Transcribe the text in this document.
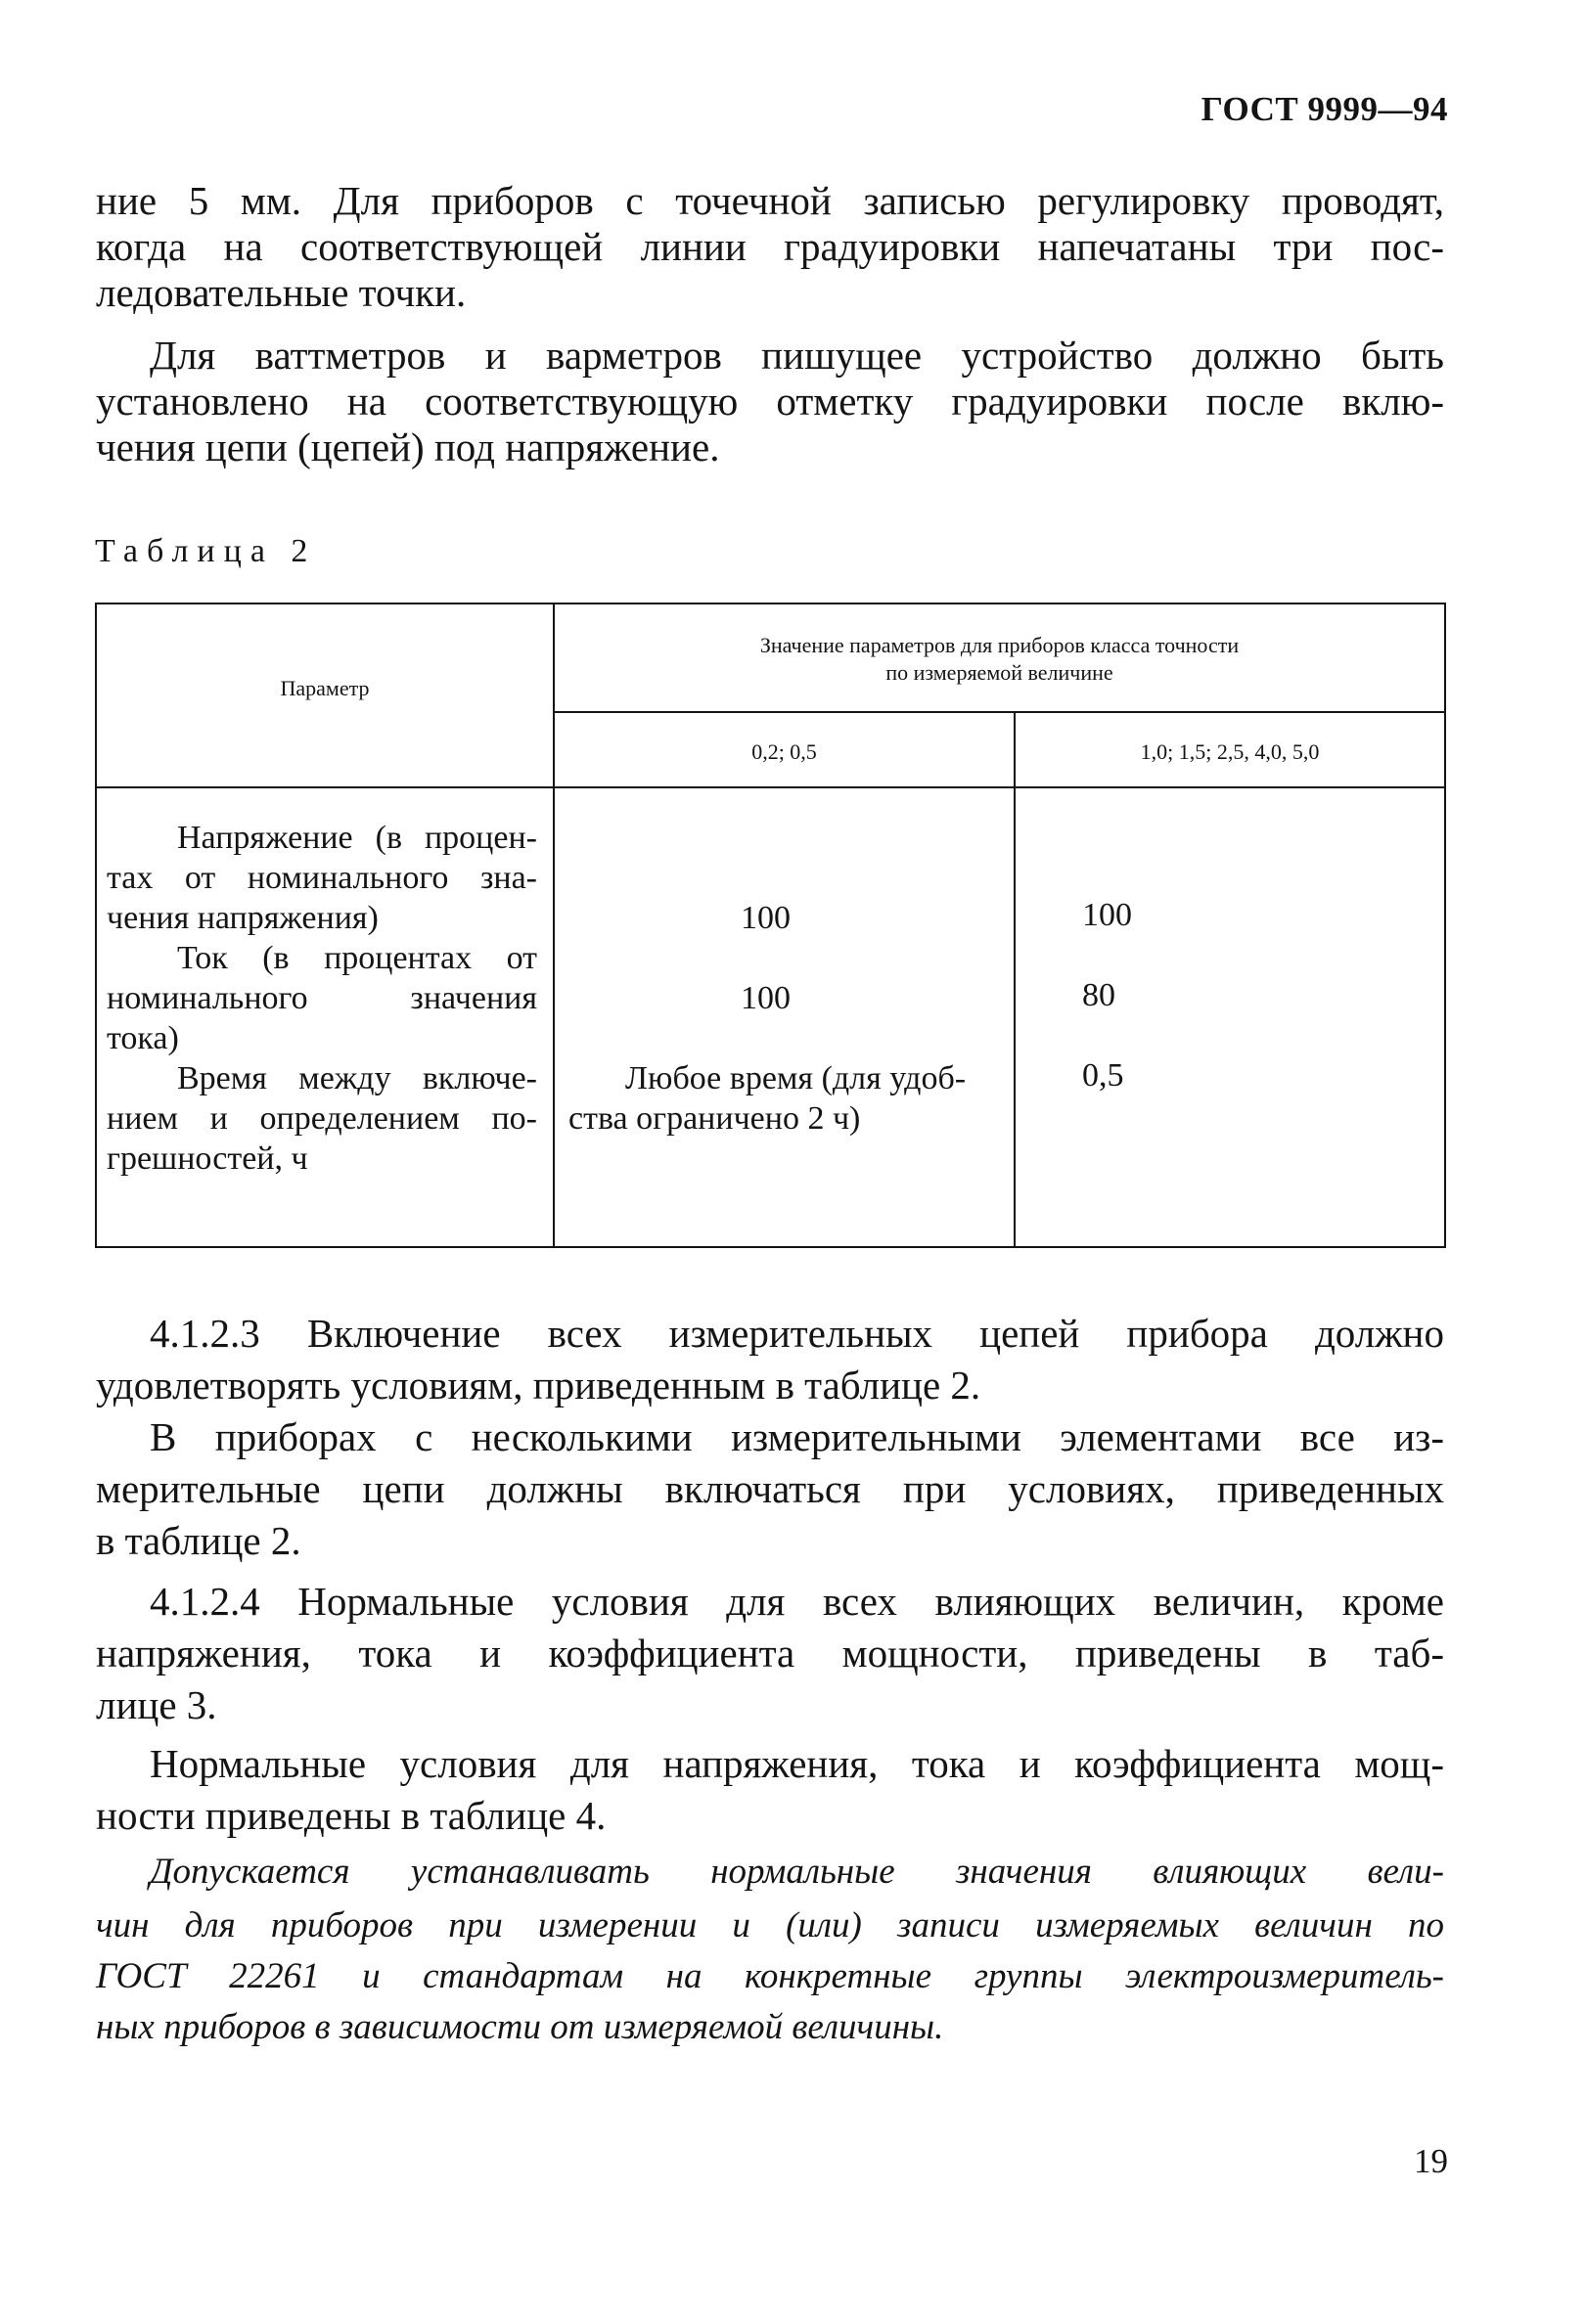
ГОСТ 9999—94
ние 5 мм. Для приборов с точечной записью регулировку проводят,
когда на соответствующей линии градуировки напечатаны три пос-
ледовательные точки.
Для ваттметров и варметров пишущее устройство должно быть
установлено на соответствующую отметку градуировки после вклю-
чения цепи (цепей) под напряжение.
Таблица 2
Параметр
Значение параметров для приборов класса точности
по измеряемой величине
0,2; 0,5	1,0; 1,5; 2,5, 4,0, 5,0
Напряжение (в процен-
тах от номинального зна-
чения напряжения)
Ток (в процентах от
номинального значения
тока)
Время между включе-
нием и определением по-
грешностей, ч
100
100
Любое время (для удоб-
ства ограничено 2 ч)
100
80
0,5
4.1.2.3 Включение всех измерительных цепей прибора должно
удовлетворять условиям, приведенным в таблице 2.
В приборах с несколькими измерительными элементами все из-
мерительные цепи должны включаться при условиях, приведенных
в таблице 2.
4.1.2.4 Нормальные условия для всех влияющих величин, кроме
напряжения, тока и коэффициента мощности, приведены в таб-
лице 3.
Нормальные условия для напряжения, тока и коэффициента мощ-
ности приведены в таблице 4.
Допускается устанавливать нормальные значения влияющих вели-
чин для приборов при измерении и (или) записи измеряемых величин по
ГОСТ 22261 и стандартам на конкретные группы электроизмеритель-
ных приборов в зависимости от измеряемой величины.
19
